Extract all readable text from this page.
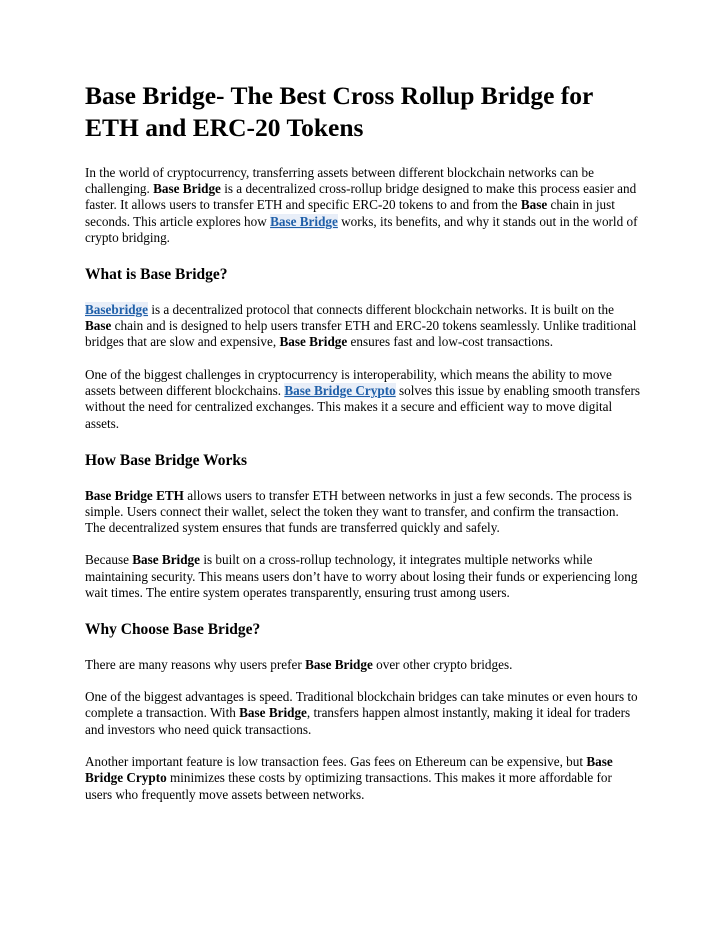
Base Bridge- The Best Cross Rollup Bridge for ETH and ERC-20 Tokens

In the world of cryptocurrency, transferring assets between different blockchain networks can be challenging. Base Bridge is a decentralized cross-rollup bridge designed to make this process easier and faster. It allows users to transfer ETH and specific ERC-20 tokens to and from the Base chain in just seconds. This article explores how Base Bridge works, its benefits, and why it stands out in the world of crypto bridging.

What is Base Bridge?

Basebridge is a decentralized protocol that connects different blockchain networks. It is built on the Base chain and is designed to help users transfer ETH and ERC-20 tokens seamlessly. Unlike traditional bridges that are slow and expensive, Base Bridge ensures fast and low-cost transactions.

One of the biggest challenges in cryptocurrency is interoperability, which means the ability to move assets between different blockchains. Base Bridge Crypto solves this issue by enabling smooth transfers without the need for centralized exchanges. This makes it a secure and efficient way to move digital assets.

How Base Bridge Works

Base Bridge ETH allows users to transfer ETH between networks in just a few seconds. The process is simple. Users connect their wallet, select the token they want to transfer, and confirm the transaction. The decentralized system ensures that funds are transferred quickly and safely.

Because Base Bridge is built on a cross-rollup technology, it integrates multiple networks while maintaining security. This means users don’t have to worry about losing their funds or experiencing long wait times. The entire system operates transparently, ensuring trust among users.

Why Choose Base Bridge?

There are many reasons why users prefer Base Bridge over other crypto bridges.

One of the biggest advantages is speed. Traditional blockchain bridges can take minutes or even hours to complete a transaction. With Base Bridge, transfers happen almost instantly, making it ideal for traders and investors who need quick transactions.

Another important feature is low transaction fees. Gas fees on Ethereum can be expensive, but Base Bridge Crypto minimizes these costs by optimizing transactions. This makes it more affordable for users who frequently move assets between networks.
